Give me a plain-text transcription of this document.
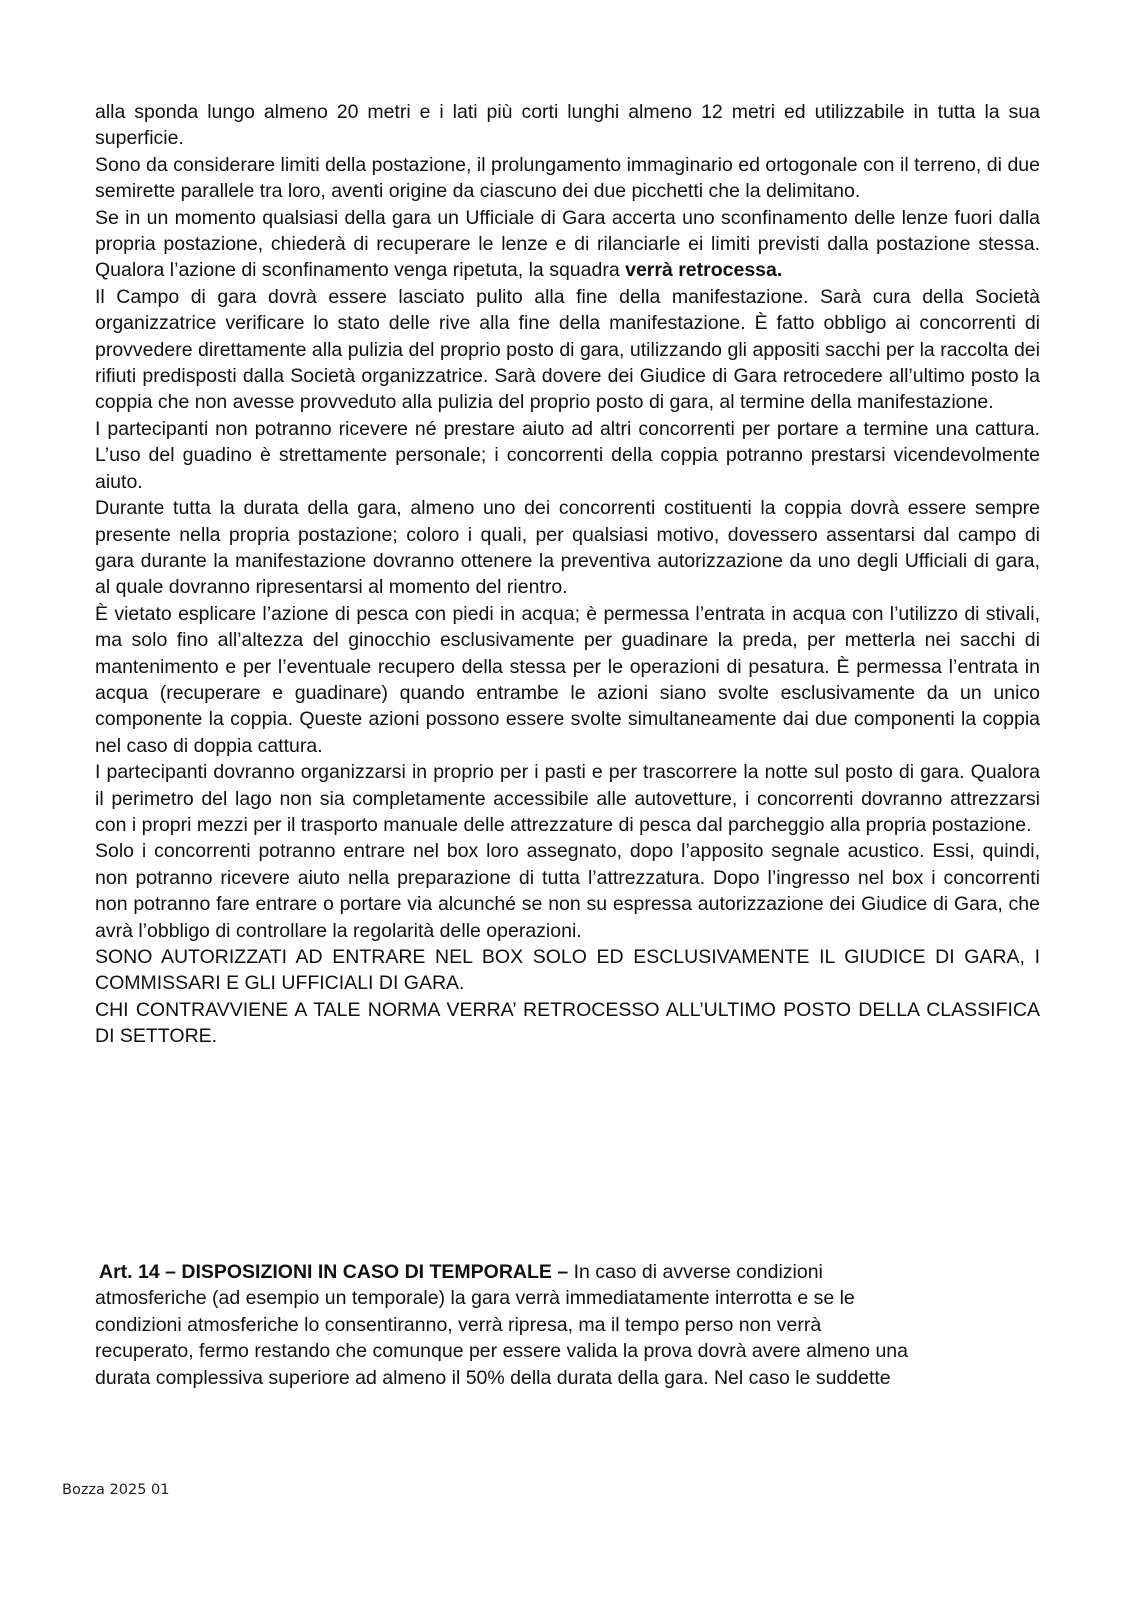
alla sponda lungo almeno 20 metri e i lati più corti lunghi almeno 12 metri ed utilizzabile in tutta la sua superficie.

Sono da considerare limiti della postazione, il prolungamento immaginario ed ortogonale con il terreno, di due semirette parallele tra loro, aventi origine da ciascuno dei due picchetti che la delimitano.

Se in un momento qualsiasi della gara un Ufficiale di Gara accerta uno sconfinamento delle lenze fuori dalla propria postazione, chiederà di recuperare le lenze e di rilanciarle ei limiti previsti dalla postazione stessa. Qualora l’azione di sconfinamento venga ripetuta, la squadra verrà retrocessa.

Il Campo di gara dovrà essere lasciato pulito alla fine della manifestazione. Sarà cura della Società organizzatrice verificare lo stato delle rive alla fine della manifestazione. È fatto obbligo ai concorrenti di provvedere direttamente alla pulizia del proprio posto di gara, utilizzando gli appositi sacchi per la raccolta dei rifiuti predisposti dalla Società organizzatrice. Sarà dovere dei Giudice di Gara retrocedere all’ultimo posto la coppia che non avesse provveduto alla pulizia del proprio posto di gara, al termine della manifestazione.

I partecipanti non potranno ricevere né prestare aiuto ad altri concorrenti per portare a termine una cattura. L’uso del guadino è strettamente personale; i concorrenti della coppia potranno prestarsi vicendevolmente aiuto.

Durante tutta la durata della gara, almeno uno dei concorrenti costituenti la coppia dovrà essere sempre presente nella propria postazione; coloro i quali, per qualsiasi motivo, dovessero assentarsi dal campo di gara durante la manifestazione dovranno ottenere la preventiva autorizzazione da uno degli Ufficiali di gara, al quale dovranno ripresentarsi al momento del rientro.

È vietato esplicare l’azione di pesca con piedi in acqua; è permessa l’entrata in acqua con l’utilizzo di stivali, ma solo fino all’altezza del ginocchio esclusivamente per guadinare la preda, per metterla nei sacchi di mantenimento e per l’eventuale recupero della stessa per le operazioni di pesatura. È permessa l’entrata in acqua (recuperare e guadinare) quando entrambe le azioni siano svolte esclusivamente da un unico componente la coppia. Queste azioni possono essere svolte simultaneamente dai due componenti la coppia nel caso di doppia cattura.

I partecipanti dovranno organizzarsi in proprio per i pasti e per trascorrere la notte sul posto di gara. Qualora il perimetro del lago non sia completamente accessibile alle autovetture, i concorrenti dovranno attrezzarsi con i propri mezzi per il trasporto manuale delle attrezzature di pesca dal parcheggio alla propria postazione.

Solo i concorrenti potranno entrare nel box loro assegnato, dopo l’apposito segnale acustico. Essi, quindi, non potranno ricevere aiuto nella preparazione di tutta l’attrezzatura. Dopo l’ingresso nel box i concorrenti non potranno fare entrare o portare via alcunché se non su espressa autorizzazione dei Giudice di Gara, che avrà l’obbligo di controllare la regolarità delle operazioni.

SONO AUTORIZZATI AD ENTRARE NEL BOX SOLO ED ESCLUSIVAMENTE IL GIUDICE DI GARA, I COMMISSARI E GLI UFFICIALI DI GARA.

CHI CONTRAVVIENE A TALE NORMA VERRA’ RETROCESSO ALL’ULTIMO POSTO DELLA CLASSIFICA DI SETTORE.

Art. 14 – DISPOSIZIONI IN CASO DI TEMPORALE – In caso di avverse condizioni

atmosferiche (ad esempio un temporale) la gara verrà immediatamente interrotta e se le

condizioni atmosferiche lo consentiranno, verrà ripresa, ma il tempo perso non verrà

recuperato, fermo restando che comunque per essere valida la prova dovrà avere almeno una

durata complessiva superiore ad almeno il 50% della durata della gara. Nel caso le suddette

Bozza 2025 01
